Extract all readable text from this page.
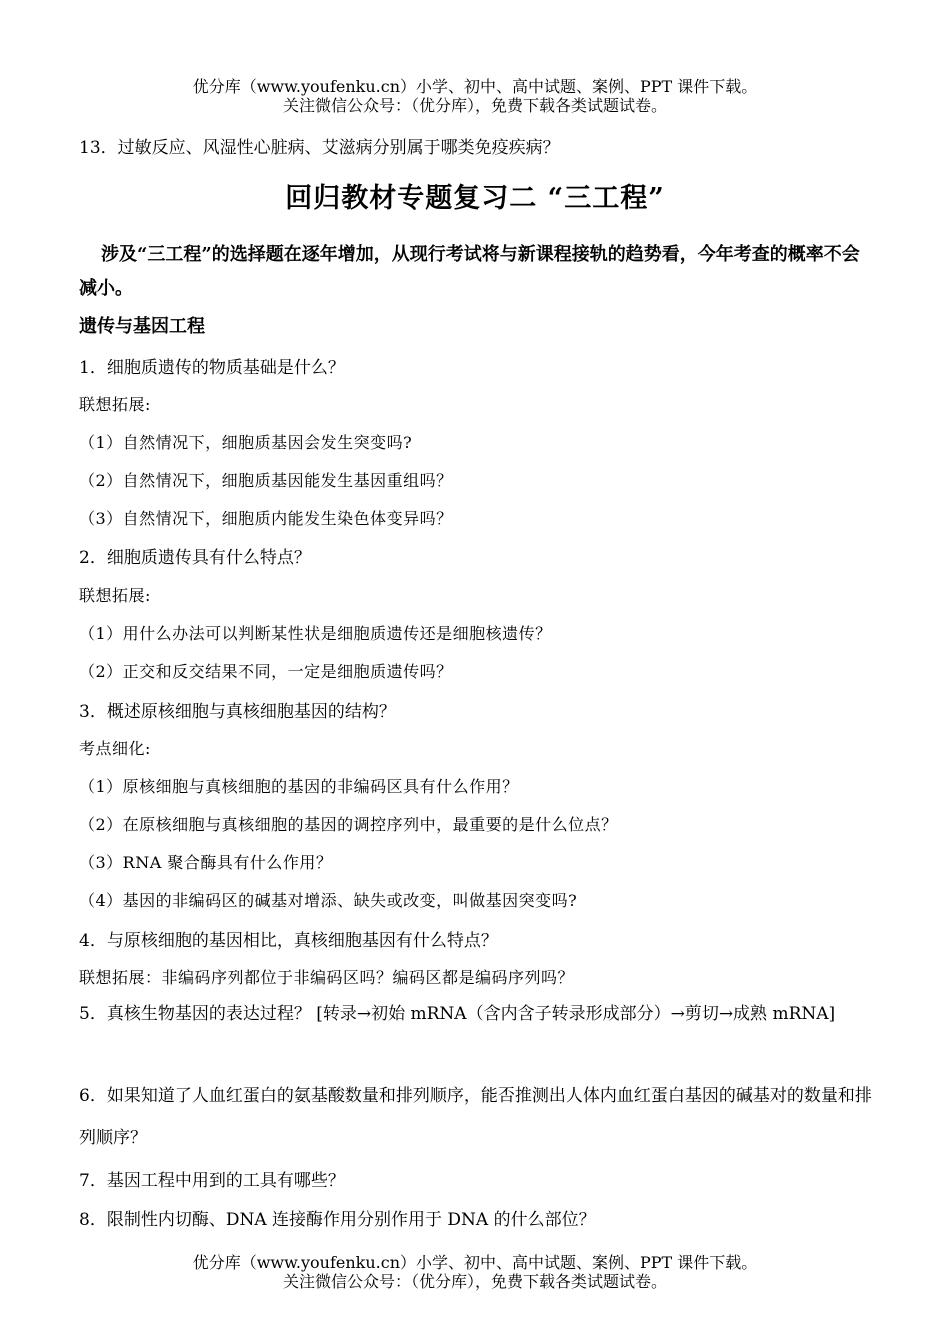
优分库（www.youfenku.cn）小学、初中、高中试题、案例、PPT 课件下载。
关注微信公众号：（优分库），免费下载各类试题试卷。
13．过敏反应、风湿性心脏病、艾滋病分别属于哪类免疫疾病？
回归教材专题复习二 “三工程”
涉及“三工程”的选择题在逐年增加，从现行考试将与新课程接轨的趋势看，今年考查的概率不会减小。
遗传与基因工程
1．细胞质遗传的物质基础是什么？
联想拓展:
（1）自然情况下，细胞质基因会发生突变吗?
（2）自然情况下，细胞质基因能发生基因重组吗？
（3）自然情况下，细胞质内能发生染色体变异吗？
2．细胞质遗传具有什么特点？
联想拓展:
（1）用什么办法可以判断某性状是细胞质遗传还是细胞核遗传？
（2）正交和反交结果不同，一定是细胞质遗传吗？
3．概述原核细胞与真核细胞基因的结构？
考点细化:
（1）原核细胞与真核细胞的基因的非编码区具有什么作用？
（2）在原核细胞与真核细胞的基因的调控序列中，最重要的是什么位点？
（3）RNA 聚合酶具有什么作用？
（4）基因的非编码区的碱基对增添、缺失或改变，叫做基因突变吗?
4．与原核细胞的基因相比，真核细胞基因有什么特点？
联想拓展：非编码序列都位于非编码区吗？编码区都是编码序列吗？
5．真核生物基因的表达过程？ [转录→初始 mRNA（含内含子转录形成部分）→剪切→成熟 mRNA]
6．如果知道了人血红蛋白的氨基酸数量和排列顺序，能否推测出人体内血红蛋白基因的碱基对的数量和排列顺序？
7．基因工程中用到的工具有哪些？
8．限制性内切酶、DNA 连接酶作用分别作用于 DNA 的什么部位？
优分库（www.youfenku.cn）小学、初中、高中试题、案例、PPT 课件下载。
关注微信公众号：（优分库），免费下载各类试题试卷。
